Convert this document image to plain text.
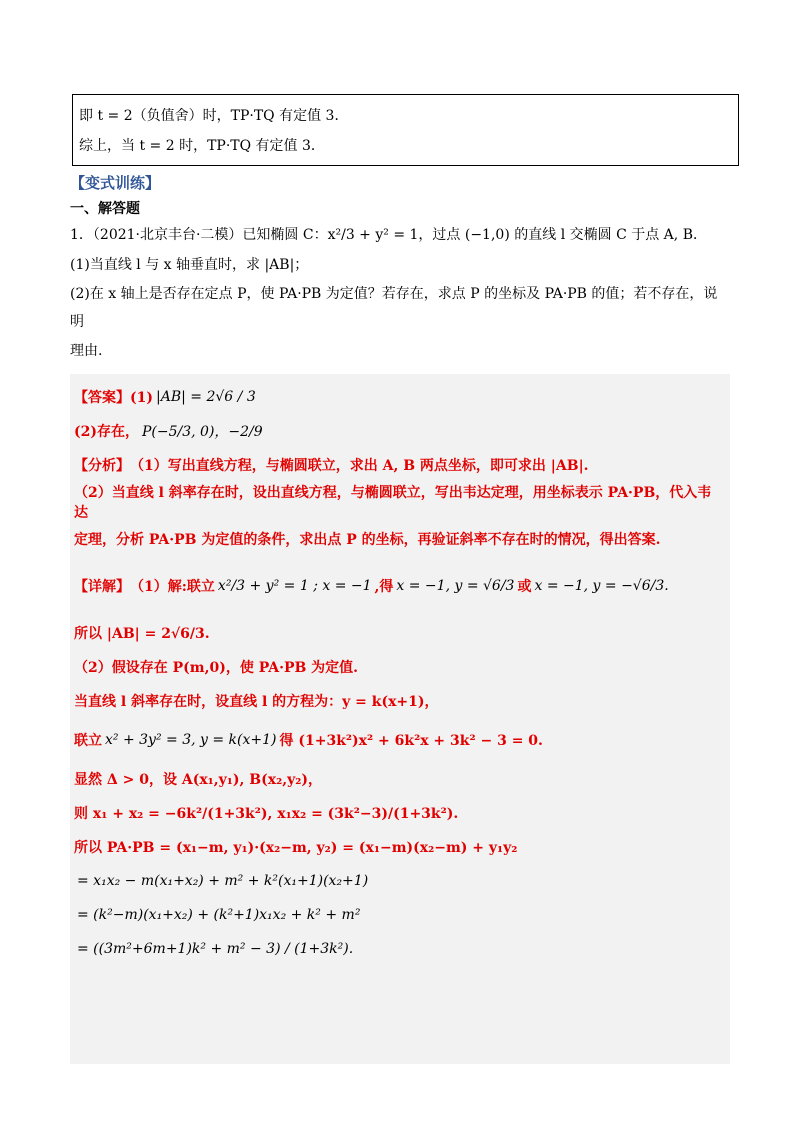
即 t = 2（负值舍）时，TP·TQ 有定值 3．
综上，当 t = 2 时，TP·TQ 有定值 3．
【变式训练】
一、解答题
1．（2021·北京丰台·二模）已知椭圆 C：x²/3 + y² = 1，过点 (−1,0) 的直线 l 交椭圆 C 于点 A, B．
(1)当直线 l 与 x 轴垂直时，求 |AB|；
(2)在 x 轴上是否存在定点 P，使 PA·PB 为定值？若存在，求点 P 的坐标及 PA·PB 的值；若不存在，说明
理由.
【答案】(1) |AB| = 2√6 / 3
(2)存在， P(−5/3, 0)，−2/9
【分析】 （1）写出直线方程，与椭圆联立，求出 A, B 两点坐标，即可求出 |AB|.
（2）当直线 l 斜率存在时，设出直线方程，与椭圆联立，写出韦达定理，用坐标表示 PA·PB，代入韦达
定理，分析 PA·PB 为定值的条件，求出点 P 的坐标，再验证斜率不存在时的情况，得出答案.
【详解】 （1）解:联立 x²/3 + y² = 1 ; x = −1 ,得 x = −1, y = √6/3 或 x = −1, y = −√6/3.
所以 |AB| = 2√6/3.
（2）假设存在 P(m,0)，使 PA·PB 为定值.
当直线 l 斜率存在时，设直线 l 的方程为：y = k(x+1)，
联立 x² + 3y² = 3, y = k(x+1) 得 (1+3k²)x² + 6k²x + 3k² − 3 = 0.
显然 Δ > 0，设 A(x₁,y₁), B(x₂,y₂)，
则 x₁ + x₂ = −6k²/(1+3k²), x₁x₂ = (3k²−3)/(1+3k²).
所以 PA·PB = (x₁−m, y₁)·(x₂−m, y₂) = (x₁−m)(x₂−m) + y₁y₂
= x₁x₂ − m(x₁+x₂) + m² + k²(x₁+1)(x₂+1)
= (k²−m)(x₁+x₂) + (k²+1)x₁x₂ + k² + m²
= ((3m²+6m+1)k² + m² − 3) / (1+3k²).
